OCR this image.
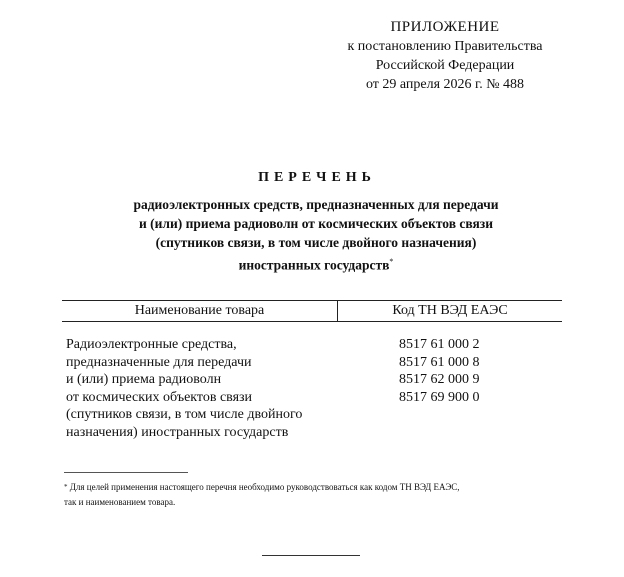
ПРИЛОЖЕНИЕ
к постановлению Правительства
Российской Федерации
от 29 апреля 2026 г. № 488
ПЕРЕЧЕНЬ
радиоэлектронных средств, предназначенных для передачи
и (или) приема радиоволн от космических объектов связи
(спутников связи, в том числе двойного назначения)
иностранных государств*
Наименование товара	Код ТН ВЭД ЕАЭС
Радиоэлектронные средства,
предназначенные для передачи
и (или) приема радиоволн
от космических объектов связи
(спутников связи, в том числе двойного
назначения) иностранных государств
8517 61 000 2
8517 61 000 8
8517 62 000 9
8517 69 900 0
* Для целей применения настоящего перечня необходимо руководствоваться как кодом ТН ВЭД ЕАЭС,
так и наименованием товара.
